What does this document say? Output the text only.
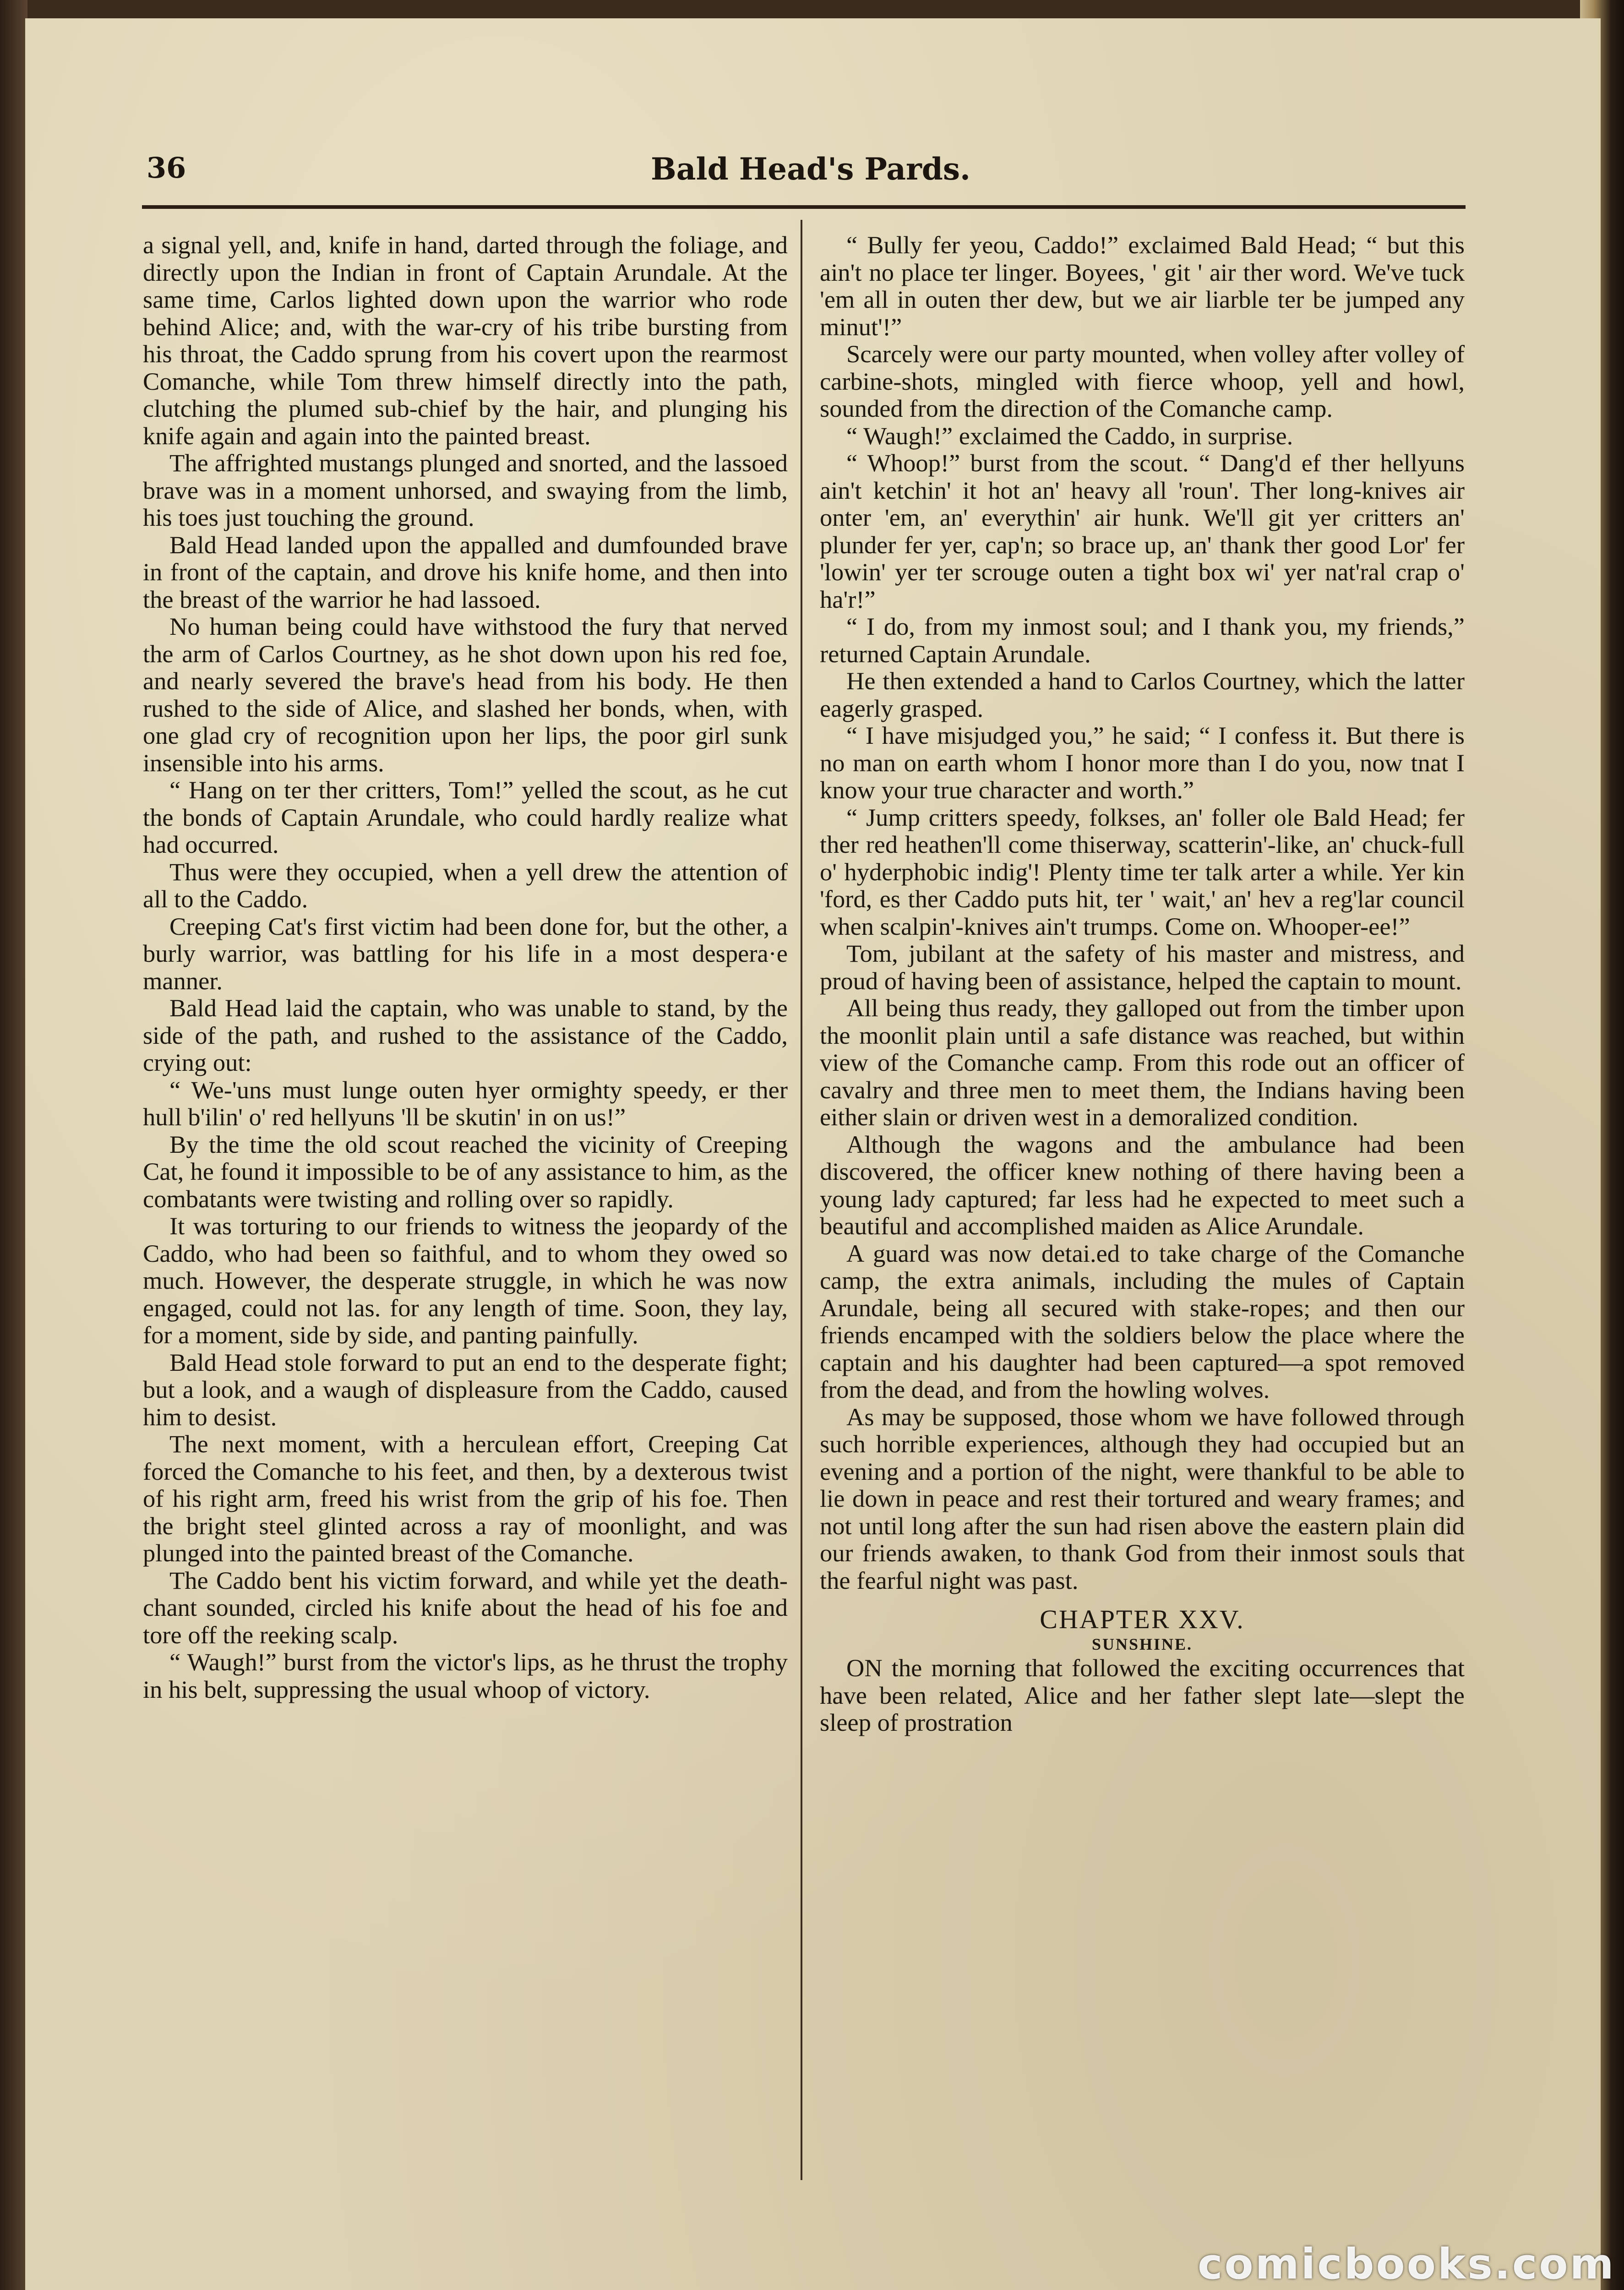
36	Bald Head's Pards.

a signal yell, and, knife in hand, darted through the foliage, and directly upon the Indian in front of Captain Arundale. At the same time, Carlos lighted down upon the warrior who rode behind Alice; and, with the war-cry of his tribe bursting from his throat, the Caddo sprung from his covert upon the rearmost Comanche, while Tom threw himself directly into the path, clutching the plumed sub-chief by the hair, and plunging his knife again and again into the painted breast.

The affrighted mustangs plunged and snorted, and the lassoed brave was in a moment unhorsed, and swaying from the limb, his toes just touching the ground.

Bald Head landed upon the appalled and dumfounded brave in front of the captain, and drove his knife home, and then into the breast of the warrior he had lassoed.

No human being could have withstood the fury that nerved the arm of Carlos Courtney, as he shot down upon his red foe, and nearly severed the brave's head from his body. He then rushed to the side of Alice, and slashed her bonds, when, with one glad cry of recognition upon her lips, the poor girl sunk insensible into his arms.

“ Hang on ter ther critters, Tom!” yelled the scout, as he cut the bonds of Captain Arundale, who could hardly realize what had occurred.

Thus were they occupied, when a yell drew the attention of all to the Caddo.

Creeping Cat's first victim had been done for, but the other, a burly warrior, was battling for his life in a most despera·e manner.

Bald Head laid the captain, who was unable to stand, by the side of the path, and rushed to the assistance of the Caddo, crying out:

“ We-'uns must lunge outen hyer ormighty speedy, er ther hull b'ilin' o' red hellyuns 'll be skutin' in on us!”

By the time the old scout reached the vicinity of Creeping Cat, he found it impossible to be of any assistance to him, as the combatants were twisting and rolling over so rapidly.

It was torturing to our friends to witness the jeopardy of the Caddo, who had been so faithful, and to whom they owed so much. However, the desperate struggle, in which he was now engaged, could not las. for any length of time. Soon, they lay, for a moment, side by side, and panting painfully.

Bald Head stole forward to put an end to the desperate fight; but a look, and a waugh of displeasure from the Caddo, caused him to desist.

The next moment, with a herculean effort, Creeping Cat forced the Comanche to his feet, and then, by a dexterous twist of his right arm, freed his wrist from the grip of his foe. Then the bright steel glinted across a ray of moonlight, and was plunged into the painted breast of the Comanche.

The Caddo bent his victim forward, and while yet the death-chant sounded, circled his knife about the head of his foe and tore off the reeking scalp.

“ Waugh!” burst from the victor's lips, as he thrust the trophy in his belt, suppressing the usual whoop of victory.

“ Bully fer yeou, Caddo!” exclaimed Bald Head; “ but this ain't no place ter linger. Boyees, ' git ' air ther word. We've tuck 'em all in outen ther dew, but we air liarble ter be jumped any minut'!”

Scarcely were our party mounted, when volley after volley of carbine-shots, mingled with fierce whoop, yell and howl, sounded from the direction of the Comanche camp.

“ Waugh!” exclaimed the Caddo, in surprise.

“ Whoop!” burst from the scout. “ Dang'd ef ther hellyuns ain't ketchin' it hot an' heavy all 'roun'. Ther long-knives air onter 'em, an' everythin' air hunk. We'll git yer critters an' plunder fer yer, cap'n; so brace up, an' thank ther good Lor' fer 'lowin' yer ter scrouge outen a tight box wi' yer nat'ral crap o' ha'r!”

“ I do, from my inmost soul; and I thank you, my friends,” returned Captain Arundale.

He then extended a hand to Carlos Courtney, which the latter eagerly grasped.

“ I have misjudged you,” he said; “ I confess it. But there is no man on earth whom I honor more than I do you, now tnat I know your true character and worth.”

“ Jump critters speedy, folkses, an' foller ole Bald Head; fer ther red heathen'll come thiserway, scatterin'-like, an' chuck-full o' hyderphobic indig'! Plenty time ter talk arter a while. Yer kin 'ford, es ther Caddo puts hit, ter ' wait,' an' hev a reg'lar council when scalpin'-knives ain't trumps. Come on. Whooper-ee!”

Tom, jubilant at the safety of his master and mistress, and proud of having been of assistance, helped the captain to mount.

All being thus ready, they galloped out from the timber upon the moonlit plain until a safe distance was reached, but within view of the Comanche camp. From this rode out an officer of cavalry and three men to meet them, the Indians having been either slain or driven west in a demoralized condition.

Although the wagons and the ambulance had been discovered, the officer knew nothing of there having been a young lady captured; far less had he expected to meet such a beautiful and accomplished maiden as Alice Arundale.

A guard was now detai.ed to take charge of the Comanche camp, the extra animals, including the mules of Captain Arundale, being all secured with stake-ropes; and then our friends encamped with the soldiers below the place where the captain and his daughter had been captured—a spot removed from the dead, and from the howling wolves.

As may be supposed, those whom we have followed through such horrible experiences, although they had occupied but an evening and a portion of the night, were thankful to be able to lie down in peace and rest their tortured and weary frames; and not until long after the sun had risen above the eastern plain did our friends awaken, to thank God from their inmost souls that the fearful night was past.

CHAPTER XXV.
SUNSHINE.

ON the morning that followed the exciting occurrences that have been related, Alice and her father slept late—slept the sleep of prostration

comicbooks.com
